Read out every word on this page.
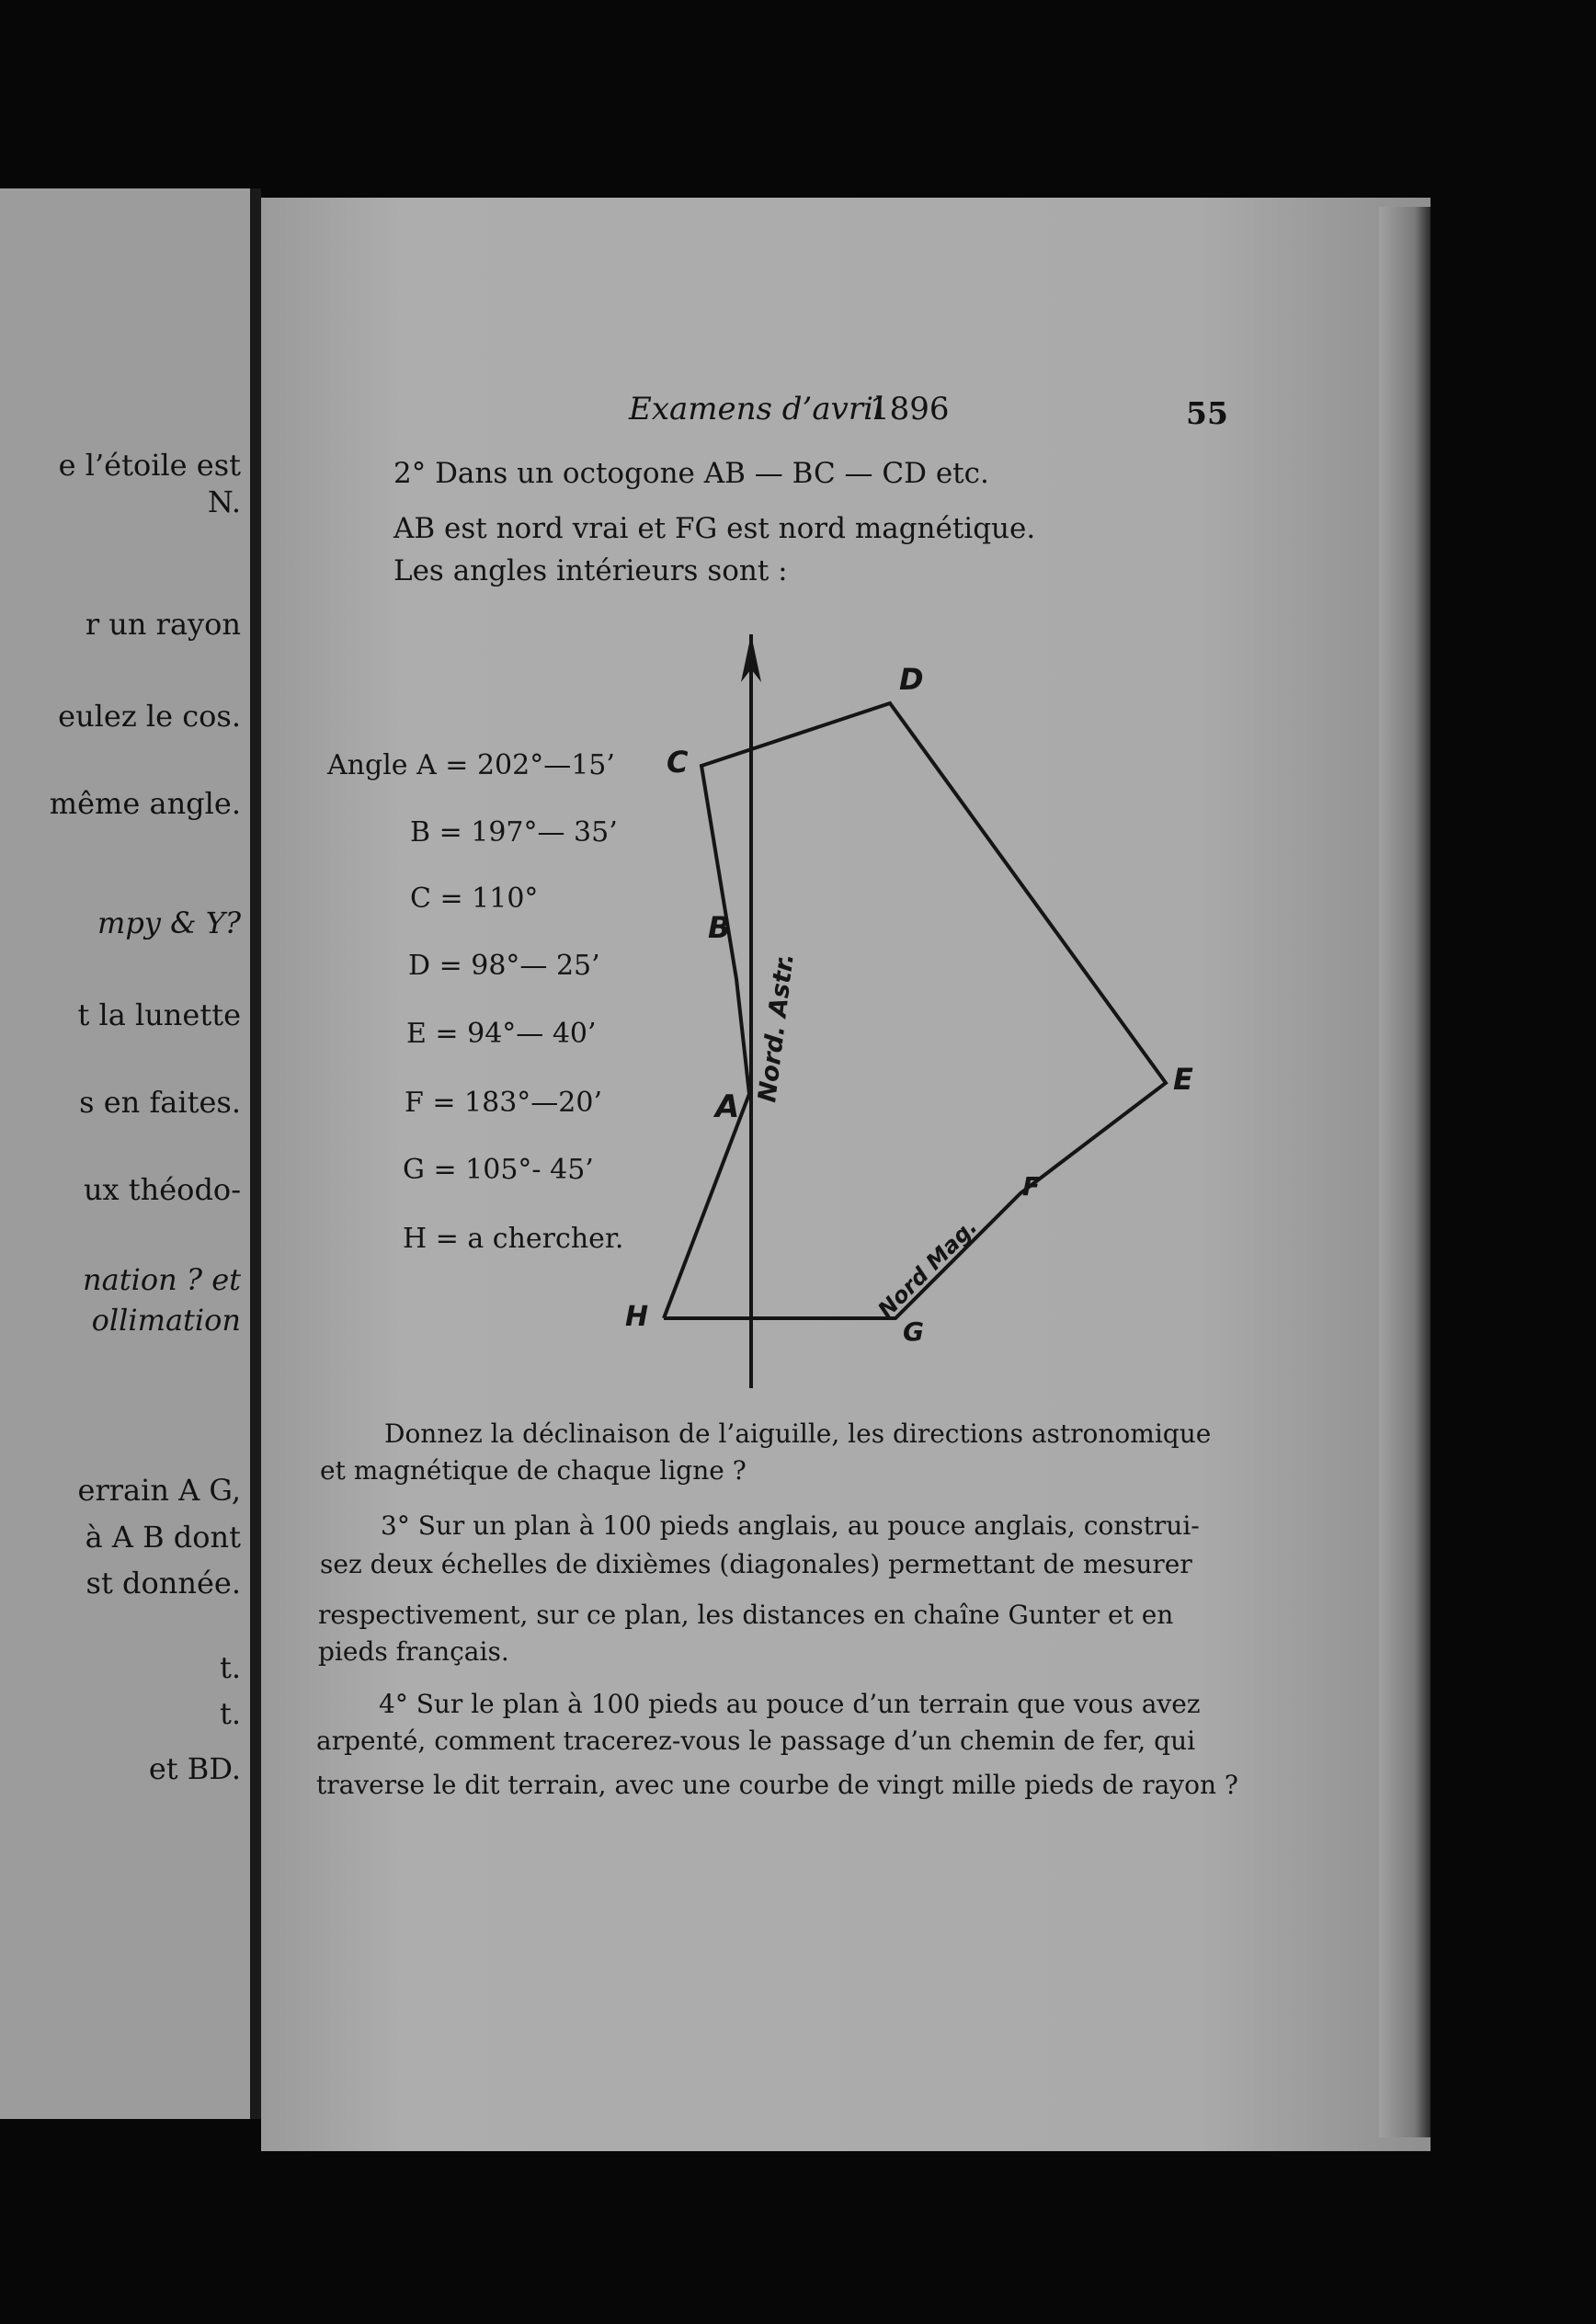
e l’étoile est
N.
r un rayon
eulez le cos.
même angle.
mpy & Y?
t la lunette
s en faites.
ux théodo-
nation ? et
ollimation
errain A G,
à A B dont
st donnée.
t.
t.
et BD.
Examens d’avril
1896	55
2° Dans un octogone AB — BC — CD etc.
AB est nord vrai et FG est nord magnétique.
Les angles intérieurs sont :
Angle A = 202°—15’
B = 197°— 35’
C = 110°
D = 98°— 25’
E = 94°— 40’
F = 183°—20’
G = 105°- 45’
H = a chercher.
A
B
C
D
E
F
G
H
Nord. Astr.
Nord Mag.
Donnez la déclinaison de l’aiguille, les directions astronomique
et magnétique de chaque ligne ?
3° Sur un plan à 100 pieds anglais, au pouce anglais, construi-
sez deux échelles de dixièmes (diagonales) permettant de mesurer
respectivement, sur ce plan, les distances en chaîne Gunter et en
pieds français.
4° Sur le plan à 100 pieds au pouce d’un terrain que vous avez
arpenté, comment tracerez-vous le passage d’un chemin de fer, qui
traverse le dit terrain, avec une courbe de vingt mille pieds de rayon ?
